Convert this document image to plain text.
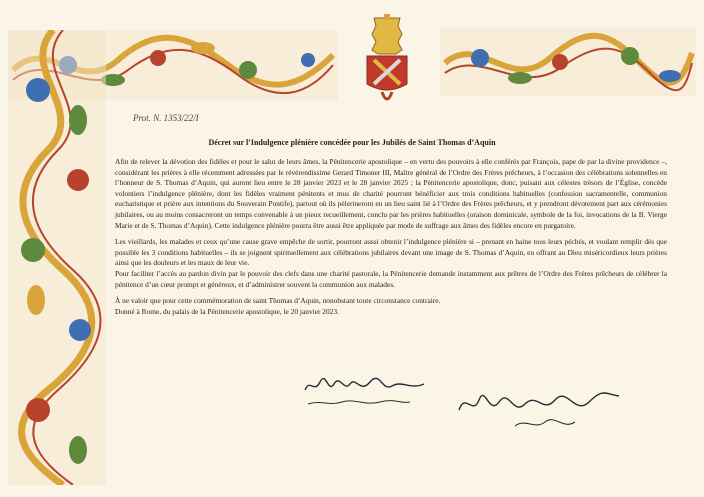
Prot. N. 1353/22/I
Décret sur l’Indulgence plénière concédée pour les Jubilés de Saint Thomas d’Aquin

Afin de relever la dévotion des fidèles et pour le salut de leurs âmes, la Pénitencerie apostolique – en vertu des pouvoirs à elle conférés par François, pape de par la divine providence –, considérant les prières à elle récemment adressées par le révérendissime Gerard Timoner III, Maître général de l’Ordre des Frères prêcheurs, à l’occasion des célébrations solennelles en l’honneur de S. Thomas d’Aquin, qui auront lieu entre le 28 janvier 2023 et le 28 janvier 2025 ; la Pénitencerie apostolique, donc, puisant aux célestes trésors de l’Église, concède volontiers l’indulgence plénière, dont les fidèles vraiment pénitents et mus de charité pourront bénéficier aux trois conditions habituelles (confession sacramentelle, communion eucharistique et prière aux intentions du Souverain Pontife), partout où ils pèlerineront en un lieu saint lié à l’Ordre des Frères prêcheurs, et y prendront dévotement part aux cérémonies jubilaires, ou au moins consacreront un temps convenable à un pieux recueillement, conclu par les prières habituelles (oraison dominicale, symbole de la foi, invocations de la B. Vierge Marie et de S. Thomas d’Aquin). Cette indulgence plénière pourra être aussi être appliquée par mode de suffrage aux âmes des fidèles encore en purgatoire.

Les vieillards, les malades et ceux qu’une cause grave empêche de sortir, pourront aussi obtenir l’indulgence plénière si – prenant en haine tous leurs péchés, et voulant remplir dès que possible les 3 conditions habituelles – ils se joignent spirituellement aux célébrations jubilaires devant une image de S. Thomas d’Aquin, en offrant au Dieu miséricordieux leurs prières ainsi que les douleurs et les maux de leur vie.

Pour faciliter l’accès au pardon divin par le pouvoir des clefs dans une charité pastorale, la Pénitencerie demande instamment aux prêtres de l’Ordre des Frères prêcheurs de célébrer la pénitence d’un cœur prompt et généreux, et d’administrer souvent la communion aux malades.

À ne valoir que pour cette commémoration de saint Thomas d’Aquin, nonobstant toute circonstance contraire.

Donné à Rome, du palais de la Pénitencerie apostolique, le 20 janvier 2023.
